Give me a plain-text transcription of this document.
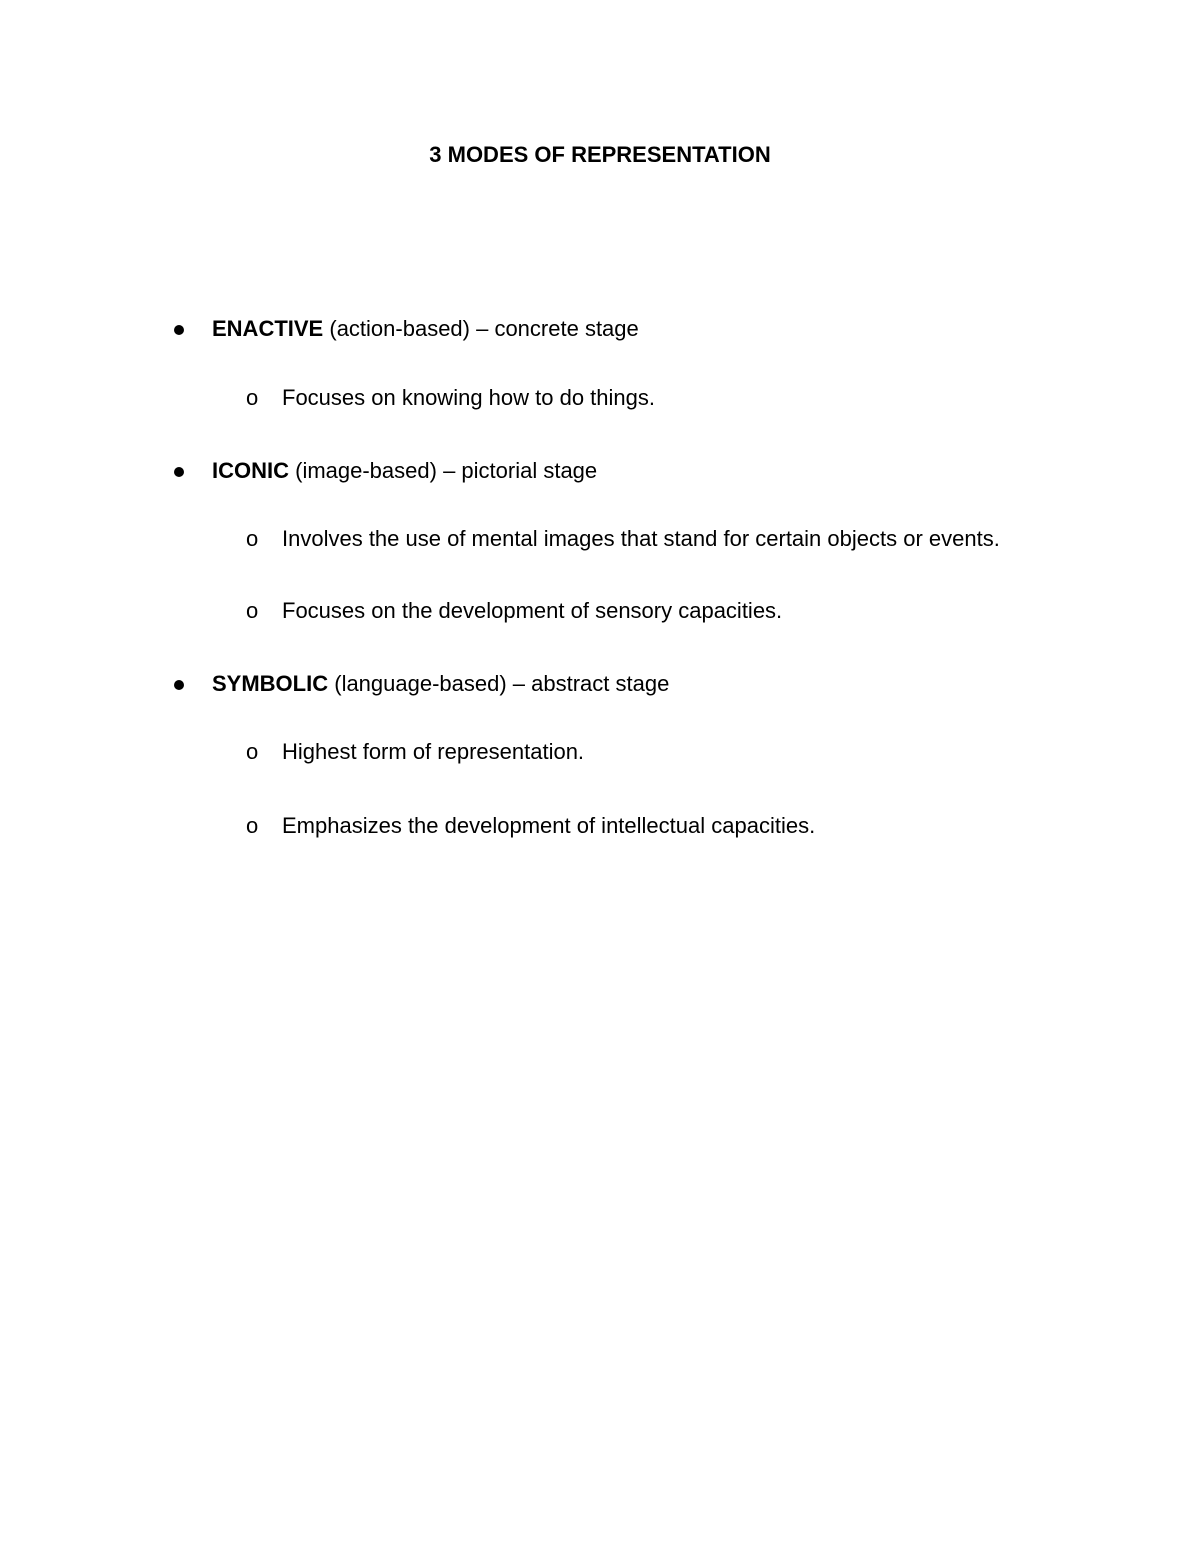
3 MODES OF REPRESENTATION
ENACTIVE (action-based) – concrete stage
o Focuses on knowing how to do things.
ICONIC (image-based) – pictorial stage
o Involves the use of mental images that stand for certain objects or events.
o Focuses on the development of sensory capacities.
SYMBOLIC (language-based) – abstract stage
o Highest form of representation.
o Emphasizes the development of intellectual capacities.
